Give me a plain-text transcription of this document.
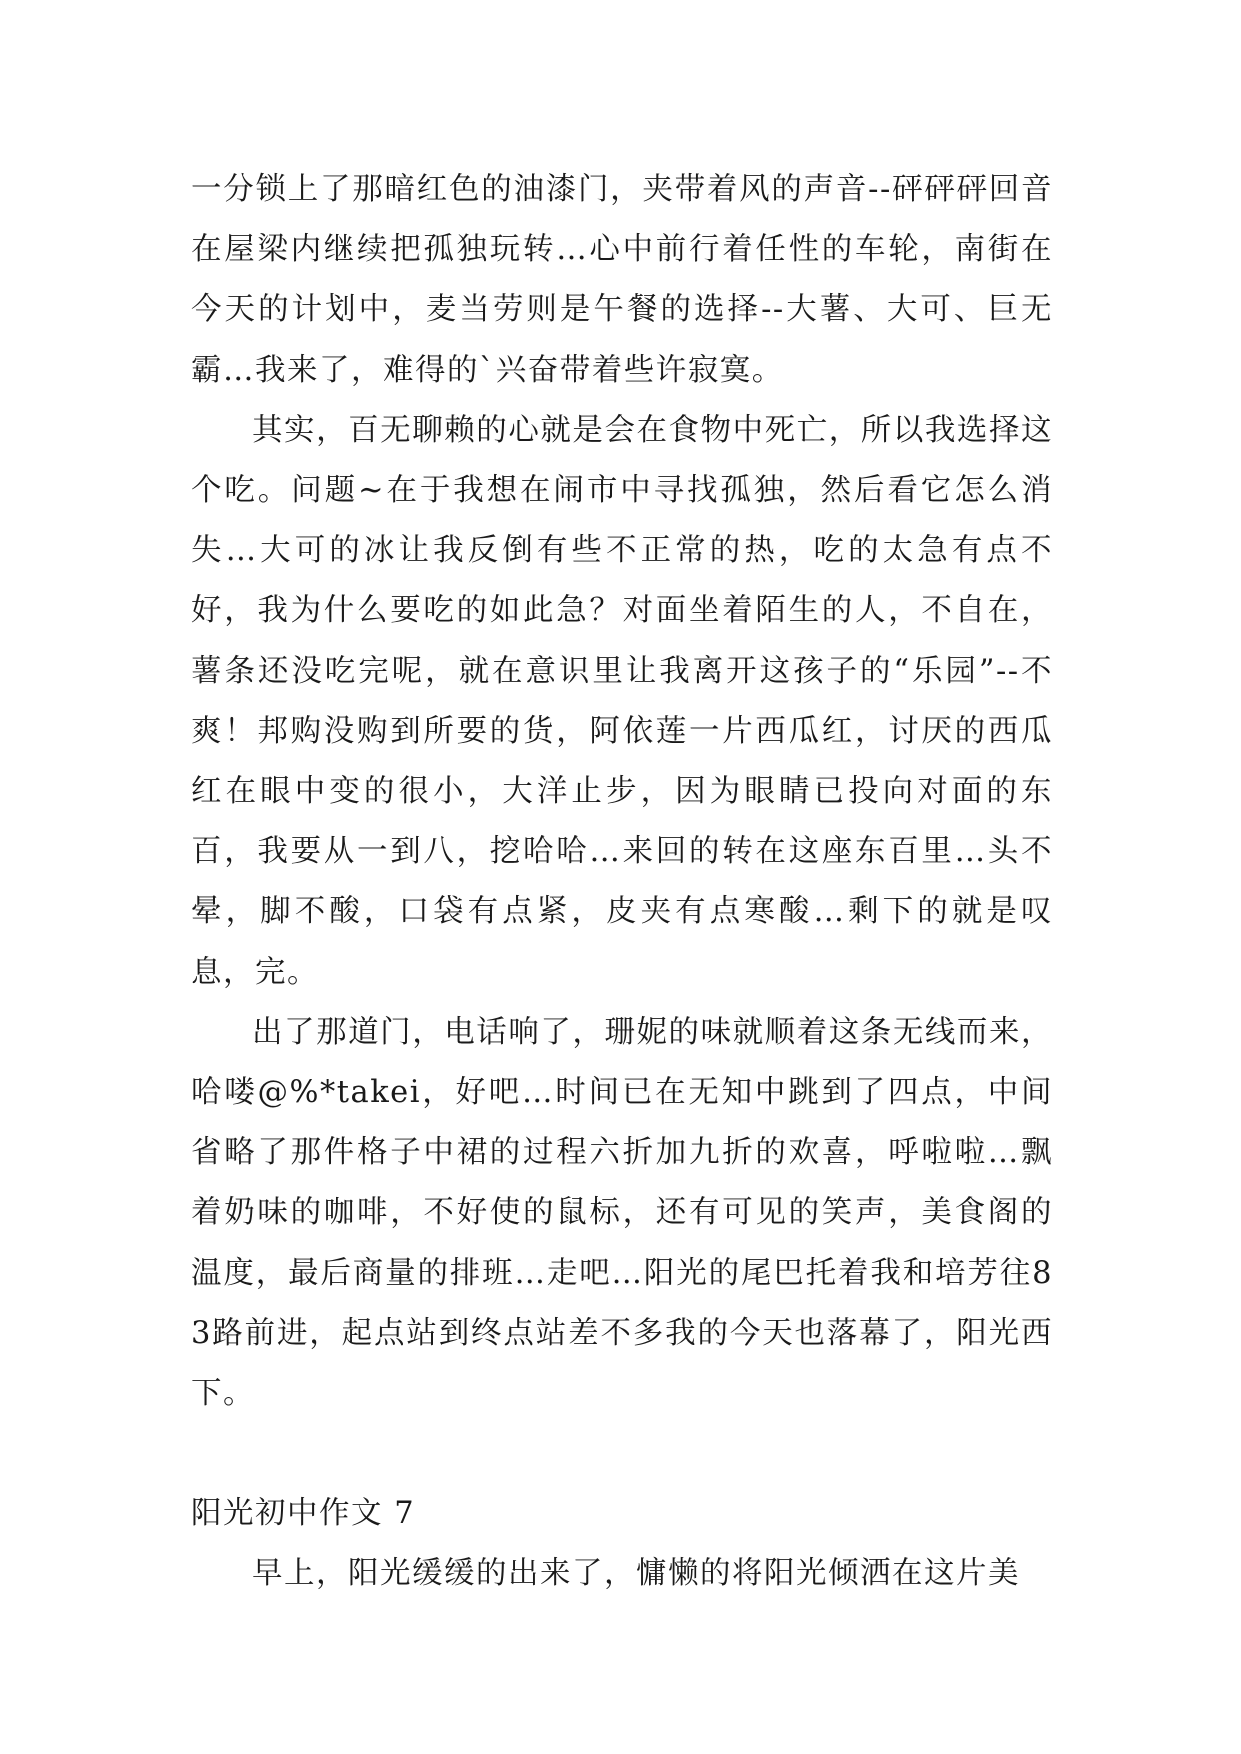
一分锁上了那暗红色的油漆门，夹带着风的声音--砰砰砰回音在屋梁内继续把孤独玩转…心中前行着任性的车轮，南街在今天的计划中，麦当劳则是午餐的选择--大薯、大可、巨无霸…我来了，难得的`兴奋带着些许寂寞。

其实，百无聊赖的心就是会在食物中死亡，所以我选择这个吃。问题~在于我想在闹市中寻找孤独，然后看它怎么消失…大可的冰让我反倒有些不正常的热，吃的太急有点不好，我为什么要吃的如此急？对面坐着陌生的人，不自在，薯条还没吃完呢，就在意识里让我离开这孩子的“乐园”--不爽！邦购没购到所要的货，阿依莲一片西瓜红，讨厌的西瓜红在眼中变的很小，大洋止步，因为眼睛已投向对面的东百，我要从一到八，挖哈哈…来回的转在这座东百里…头不晕，脚不酸，口袋有点紧，皮夹有点寒酸…剩下的就是叹息，完。

出了那道门，电话响了，珊妮的味就顺着这条无线而来，哈喽@%*takei，好吧…时间已在无知中跳到了四点，中间省略了那件格子中裙的过程六折加九折的欢喜，呼啦啦…飘着奶味的咖啡，不好使的鼠标，还有可见的笑声，美食阁的温度，最后商量的排班…走吧…阳光的尾巴托着我和培芳往83路前进，起点站到终点站差不多我的今天也落幕了，阳光西下。

阳光初中作文 7

早上，阳光缓缓的出来了，慵懒的将阳光倾洒在这片美
